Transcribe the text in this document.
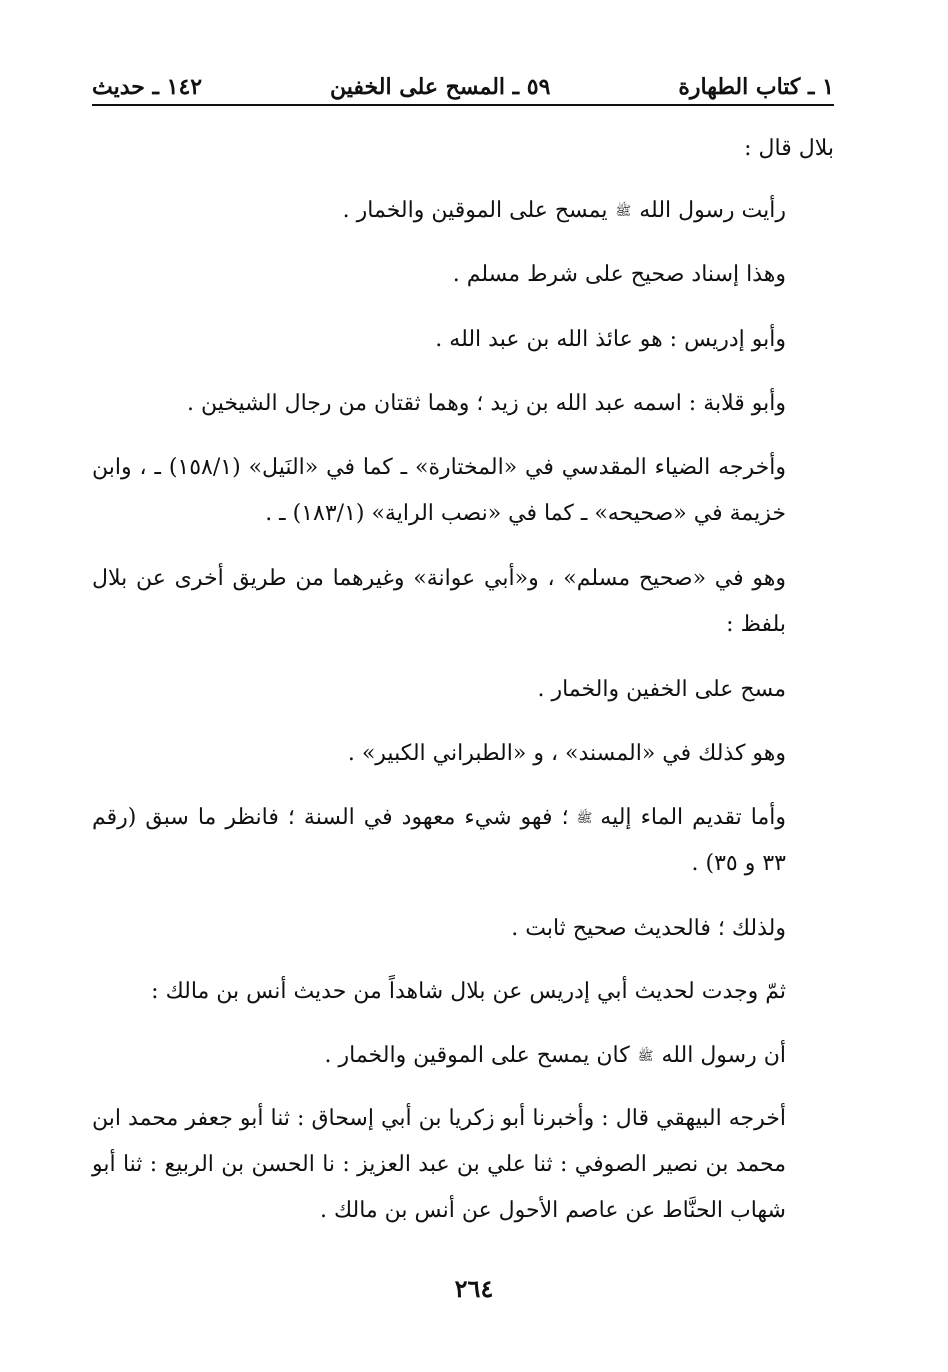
١ ـ كتاب الطهارة
٥٩ ـ المسح على الخفين
١٤٢ ـ حديث

بلال قال :

رأيت رسول اللهﷺيمسح على الموقين والخمار .

وهذا إسناد صحيح على شرط مسلم .

وأبو إدريس : هو عائذ الله بن عبد الله .

وأبو قلابة : اسمه عبد الله بن زيد ؛ وهما ثقتان من رجال الشيخين .

وأخرجه الضياء المقدسي في «المختارة» ـ كما في «النَيل» (١٥٨/١) ـ ، وابن خزيمة في «صحيحه» ـ كما في «نصب الراية» (١٨٣/١) ـ .

وهو في «صحيح مسلم» ، و«أبي عوانة» وغيرهما من طريق أخرى عن بلال بلفظ :

مسح على الخفين والخمار .

وهو كذلك في «المسند» ، و «الطبراني الكبير» .

وأما تقديم الماء إليهﷺ؛ فهو شيء معهود في السنة ؛ فانظر ما سبق (رقم ٣٣ و ٣٥) .

ولذلك ؛ فالحديث صحيح ثابت .

ثمّ وجدت لحديث أبي إدريس عن بلال شاهداً من حديث أنس بن مالك :

أن رسول اللهﷺكان يمسح على الموقين والخمار .

أخرجه البيهقي قال : وأخبرنا أبو زكريا بن أبي إسحاق : ثنا أبو جعفر محمد ابن محمد بن نصير الصوفي : ثنا علي بن عبد العزيز : نا الحسن بن الربيع : ثنا أبو شهاب الحنَّاط عن عاصم الأحول عن أنس بن مالك .

٢٦٤
